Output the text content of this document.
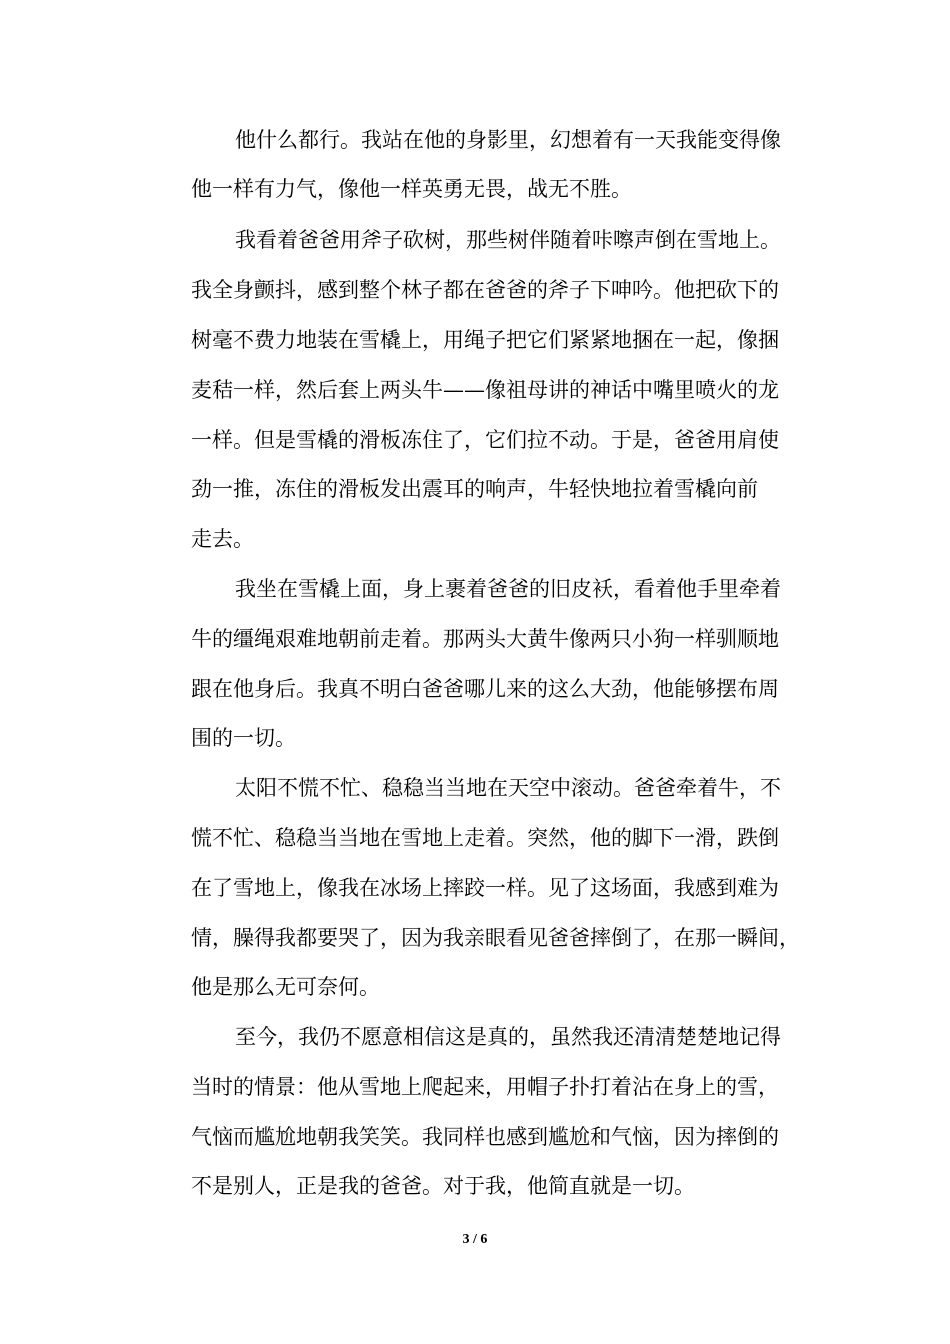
他什么都行。我站在他的身影里，幻想着有一天我能变得像
他一样有力气，像他一样英勇无畏，战无不胜。
我看着爸爸用斧子砍树，那些树伴随着咔嚓声倒在雪地上。
我全身颤抖，感到整个林子都在爸爸的斧子下呻吟。他把砍下的
树毫不费力地装在雪橇上，用绳子把它们紧紧地捆在一起，像捆
麦秸一样，然后套上两头牛——像祖母讲的神话中嘴里喷火的龙
一样。但是雪橇的滑板冻住了，它们拉不动。于是，爸爸用肩使
劲一推，冻住的滑板发出震耳的响声，牛轻快地拉着雪橇向前
走去。
我坐在雪橇上面，身上裹着爸爸的旧皮袄，看着他手里牵着
牛的缰绳艰难地朝前走着。那两头大黄牛像两只小狗一样驯顺地
跟在他身后。我真不明白爸爸哪儿来的这么大劲，他能够摆布周
围的一切。
太阳不慌不忙、稳稳当当地在天空中滚动。爸爸牵着牛，不
慌不忙、稳稳当当地在雪地上走着。突然，他的脚下一滑，跌倒
在了雪地上，像我在冰场上摔跤一样。见了这场面，我感到难为
情，臊得我都要哭了，因为我亲眼看见爸爸摔倒了，在那一瞬间，
他是那么无可奈何。
至今，我仍不愿意相信这是真的，虽然我还清清楚楚地记得
当时的情景：他从雪地上爬起来，用帽子扑打着沾在身上的雪，
气恼而尴尬地朝我笑笑。我同样也感到尴尬和气恼，因为摔倒的
不是别人，正是我的爸爸。对于我，他简直就是一切。
3 / 6
